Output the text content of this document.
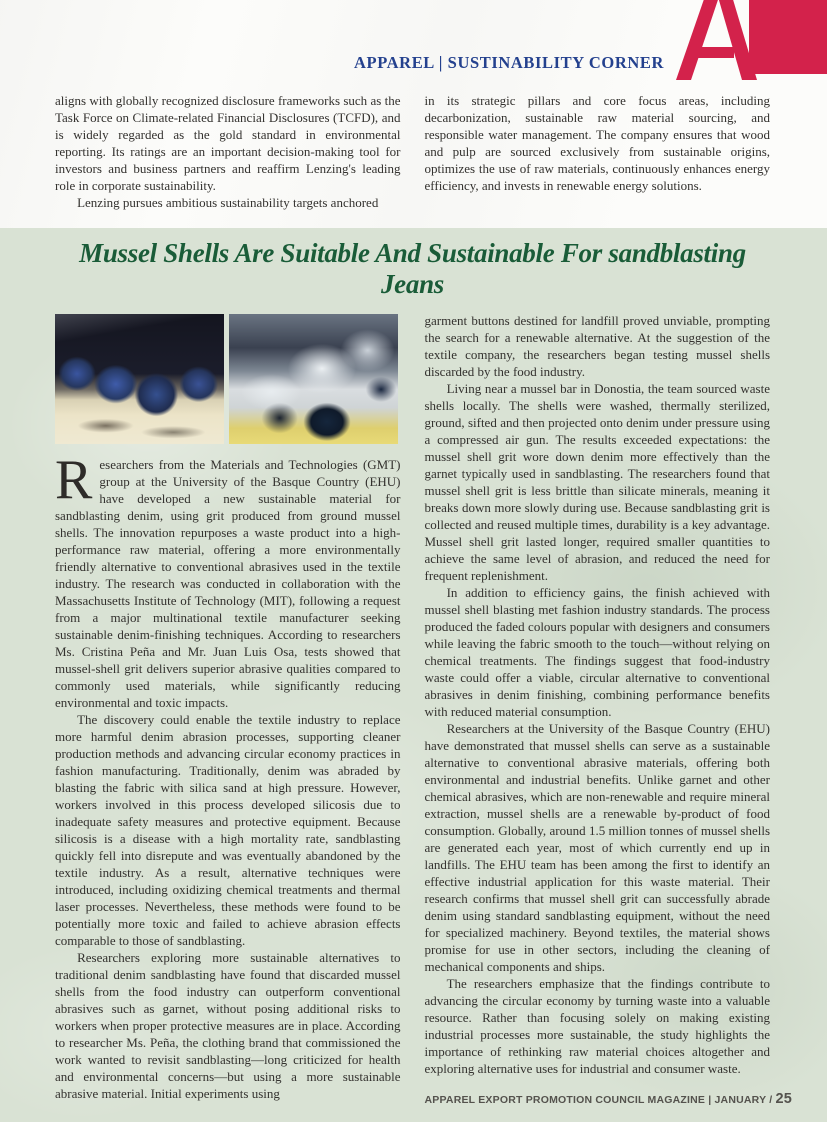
APPAREL | SUSTINABILITY CORNER

aligns with globally recognized disclosure frameworks such as the Task Force on Climate-related Financial Disclosures (TCFD), and is widely regarded as the gold standard in environmental reporting. Its ratings are an important decision-making tool for investors and business partners and reaffirm Lenzing's leading role in corporate sustainability.

Lenzing pursues ambitious sustainability targets anchored

in its strategic pillars and core focus areas, including decarbonization, sustainable raw material sourcing, and responsible water management. The company ensures that wood and pulp are sourced exclusively from sustainable origins, optimizes the use of raw materials, continuously enhances energy efficiency, and invests in renewable energy solutions.

Mussel Shells Are Suitable And Sustainable For sandblasting Jeans

Researchers from the Materials and Technologies (GMT) group at the University of the Basque Country (EHU) have developed a new sustainable material for sandblasting denim, using grit produced from ground mussel shells. The innovation repurposes a waste product into a high-performance raw material, offering a more environmentally friendly alternative to conventional abrasives used in the textile industry. The research was conducted in collaboration with the Massachusetts Institute of Technology (MIT), following a request from a major multinational textile manufacturer seeking sustainable denim-finishing techniques. According to researchers Ms. Cristina Peña and Mr. Juan Luis Osa, tests showed that mussel-shell grit delivers superior abrasive qualities compared to commonly used materials, while significantly reducing environmental and toxic impacts.

The discovery could enable the textile industry to replace more harmful denim abrasion processes, supporting cleaner production methods and advancing circular economy practices in fashion manufacturing. Traditionally, denim was abraded by blasting the fabric with silica sand at high pressure. However, workers involved in this process developed silicosis due to inadequate safety measures and protective equipment. Because silicosis is a disease with a high mortality rate, sandblasting quickly fell into disrepute and was eventually abandoned by the textile industry. As a result, alternative techniques were introduced, including oxidizing chemical treatments and thermal laser processes. Nevertheless, these methods were found to be potentially more toxic and failed to achieve abrasion effects comparable to those of sandblasting.

Researchers exploring more sustainable alternatives to traditional denim sandblasting have found that discarded mussel shells from the food industry can outperform conventional abrasives such as garnet, without posing additional risks to workers when proper protective measures are in place. According to researcher Ms. Peña, the clothing brand that commissioned the work wanted to revisit sandblasting—long criticized for health and environmental concerns—but using a more sustainable abrasive material. Initial experiments using

garment buttons destined for landfill proved unviable, prompting the search for a renewable alternative. At the suggestion of the textile company, the researchers began testing mussel shells discarded by the food industry.

Living near a mussel bar in Donostia, the team sourced waste shells locally. The shells were washed, thermally sterilized, ground, sifted and then projected onto denim under pressure using a compressed air gun. The results exceeded expectations: the mussel shell grit wore down denim more effectively than the garnet typically used in sandblasting. The researchers found that mussel shell grit is less brittle than silicate minerals, meaning it breaks down more slowly during use. Because sandblasting grit is collected and reused multiple times, durability is a key advantage. Mussel shell grit lasted longer, required smaller quantities to achieve the same level of abrasion, and reduced the need for frequent replenishment.

In addition to efficiency gains, the finish achieved with mussel shell blasting met fashion industry standards. The process produced the faded colours popular with designers and consumers while leaving the fabric smooth to the touch—without relying on chemical treatments. The findings suggest that food-industry waste could offer a viable, circular alternative to conventional abrasives in denim finishing, combining performance benefits with reduced material consumption.

Researchers at the University of the Basque Country (EHU) have demonstrated that mussel shells can serve as a sustainable alternative to conventional abrasive materials, offering both environmental and industrial benefits. Unlike garnet and other chemical abrasives, which are non-renewable and require mineral extraction, mussel shells are a renewable by-product of food consumption. Globally, around 1.5 million tonnes of mussel shells are generated each year, most of which currently end up in landfills. The EHU team has been among the first to identify an effective industrial application for this waste material. Their research confirms that mussel shell grit can successfully abrade denim using standard sandblasting equipment, without the need for specialized machinery. Beyond textiles, the material shows promise for use in other sectors, including the cleaning of mechanical components and ships.

The researchers emphasize that the findings contribute to advancing the circular economy by turning waste into a valuable resource. Rather than focusing solely on making existing industrial processes more sustainable, the study highlights the importance of rethinking raw material choices altogether and exploring alternative uses for industrial and consumer waste.

APPAREL EXPORT PROMOTION COUNCIL MAGAZINE | JANUARY / 25
